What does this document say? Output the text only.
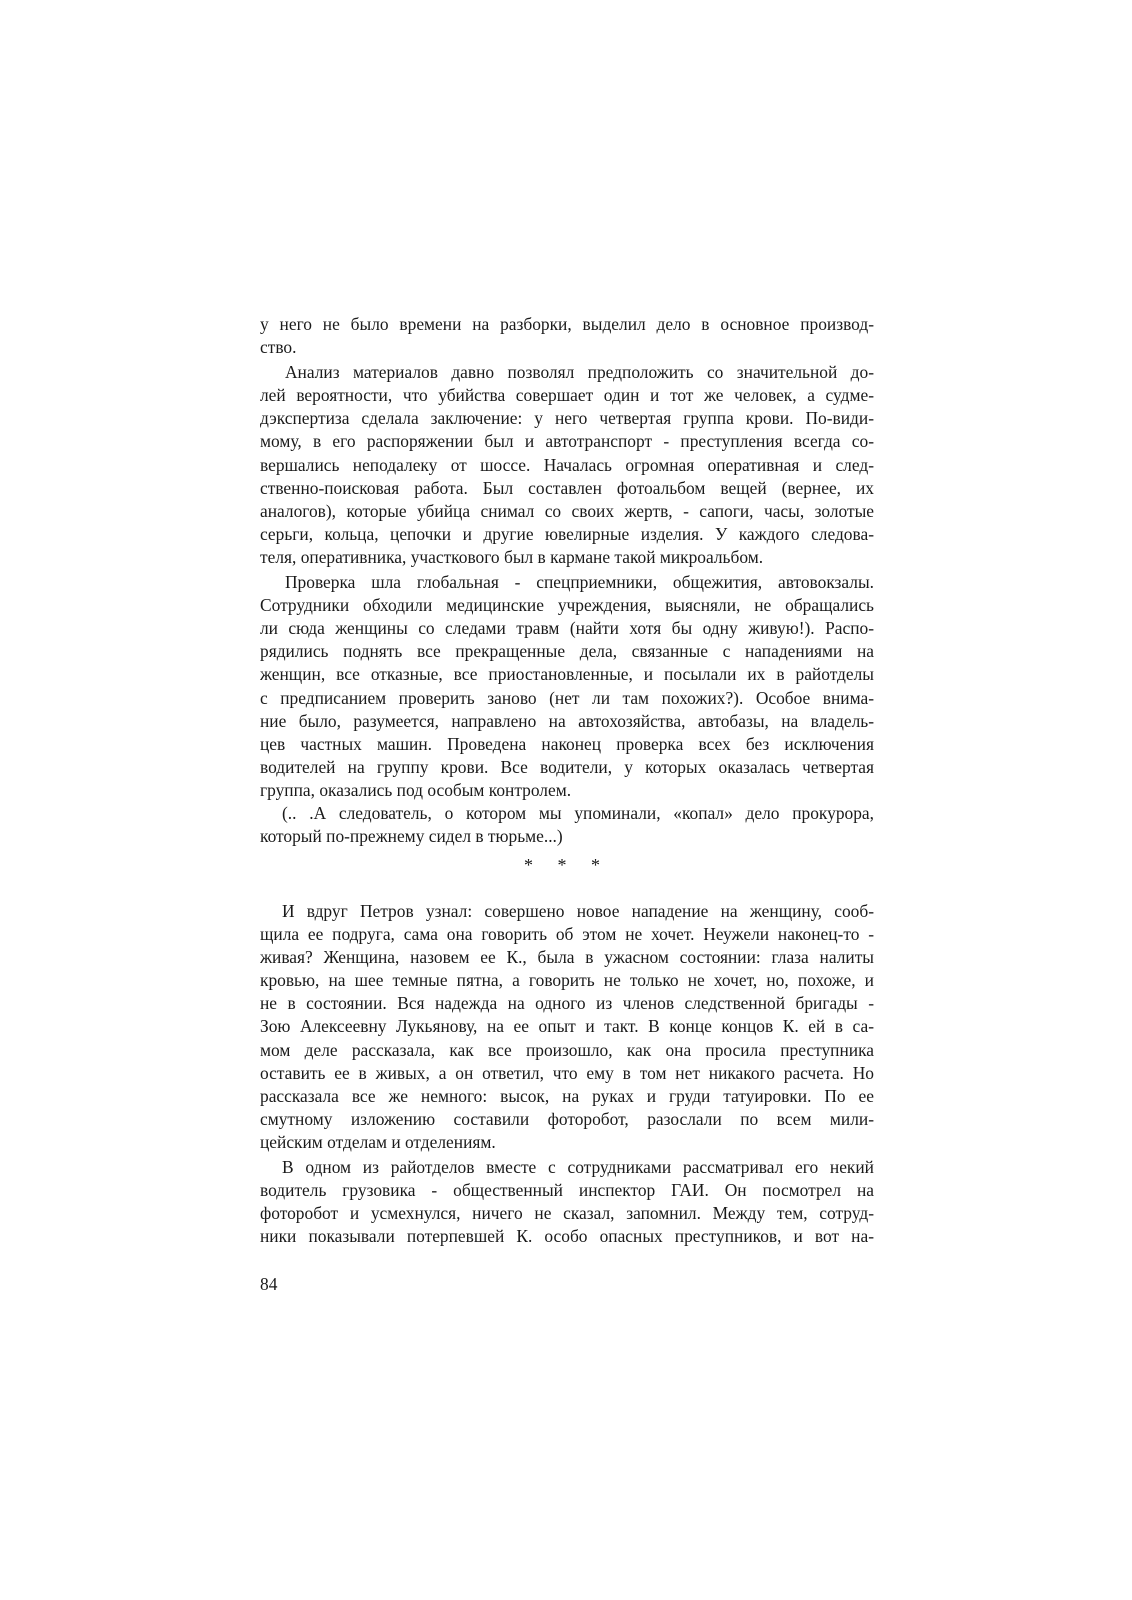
у него не было времени на разборки, выделил дело в основное производ-
ство.
Анализ материалов давно позволял предположить со значительной до-
лей вероятности, что убийства совершает один и тот же человек, а судме-
дэкспертиза сделала заключение: у него четвертая группа крови. По-види-
мому, в его распоряжении был и автотранспорт - преступления всегда со-
вершались неподалеку от шоссе. Началась огромная оперативная и след-
ственно-поисковая работа. Был составлен фотоальбом вещей (вернее, их
аналогов), которые убийца снимал со своих жертв, - сапоги, часы, золотые
серьги, кольца, цепочки и другие ювелирные изделия. У каждого следова-
теля, оперативника, участкового был в кармане такой микроальбом.
Проверка шла глобальная - спецприемники, общежития, автовокзалы.
Сотрудники обходили медицинские учреждения, выясняли, не обращались
ли сюда женщины со следами травм (найти хотя бы одну живую!). Распо-
рядились поднять все прекращенные дела, связанные с нападениями на
женщин, все отказные, все приостановленные, и посылали их в райотделы
с предписанием проверить заново (нет ли там похожих?). Особое внима-
ние было, разумеется, направлено на автохозяйства, автобазы, на владель-
цев частных машин. Проведена наконец проверка всех без исключения
водителей на группу крови. Все водители, у которых оказалась четвертая
группа, оказались под особым контролем.
(.. .А следователь, о котором мы упоминали, «копал» дело прокурора,
который по-прежнему сидел в тюрьме...)
* * *
И вдруг Петров узнал: совершено новое нападение на женщину, сооб-
щила ее подруга, сама она говорить об этом не хочет. Неужели наконец-то -
живая? Женщина, назовем ее К., была в ужасном состоянии: глаза налиты
кровью, на шее темные пятна, а говорить не только не хочет, но, похоже, и
не в состоянии. Вся надежда на одного из членов следственной бригады -
Зою Алексеевну Лукьянову, на ее опыт и такт. В конце концов К. ей в са-
мом деле рассказала, как все произошло, как она просила преступника
оставить ее в живых, а он ответил, что ему в том нет никакого расчета. Но
рассказала все же немного: высок, на руках и груди татуировки. По ее
смутному изложению составили фоторобот, разослали по всем мили-
цейским отделам и отделениям.
В одном из райотделов вместе с сотрудниками рассматривал его некий
водитель грузовика - общественный инспектор ГАИ. Он посмотрел на
фоторобот и усмехнулся, ничего не сказал, запомнил. Между тем, сотруд-
ники показывали потерпевшей К. особо опасных преступников, и вот на-
84
